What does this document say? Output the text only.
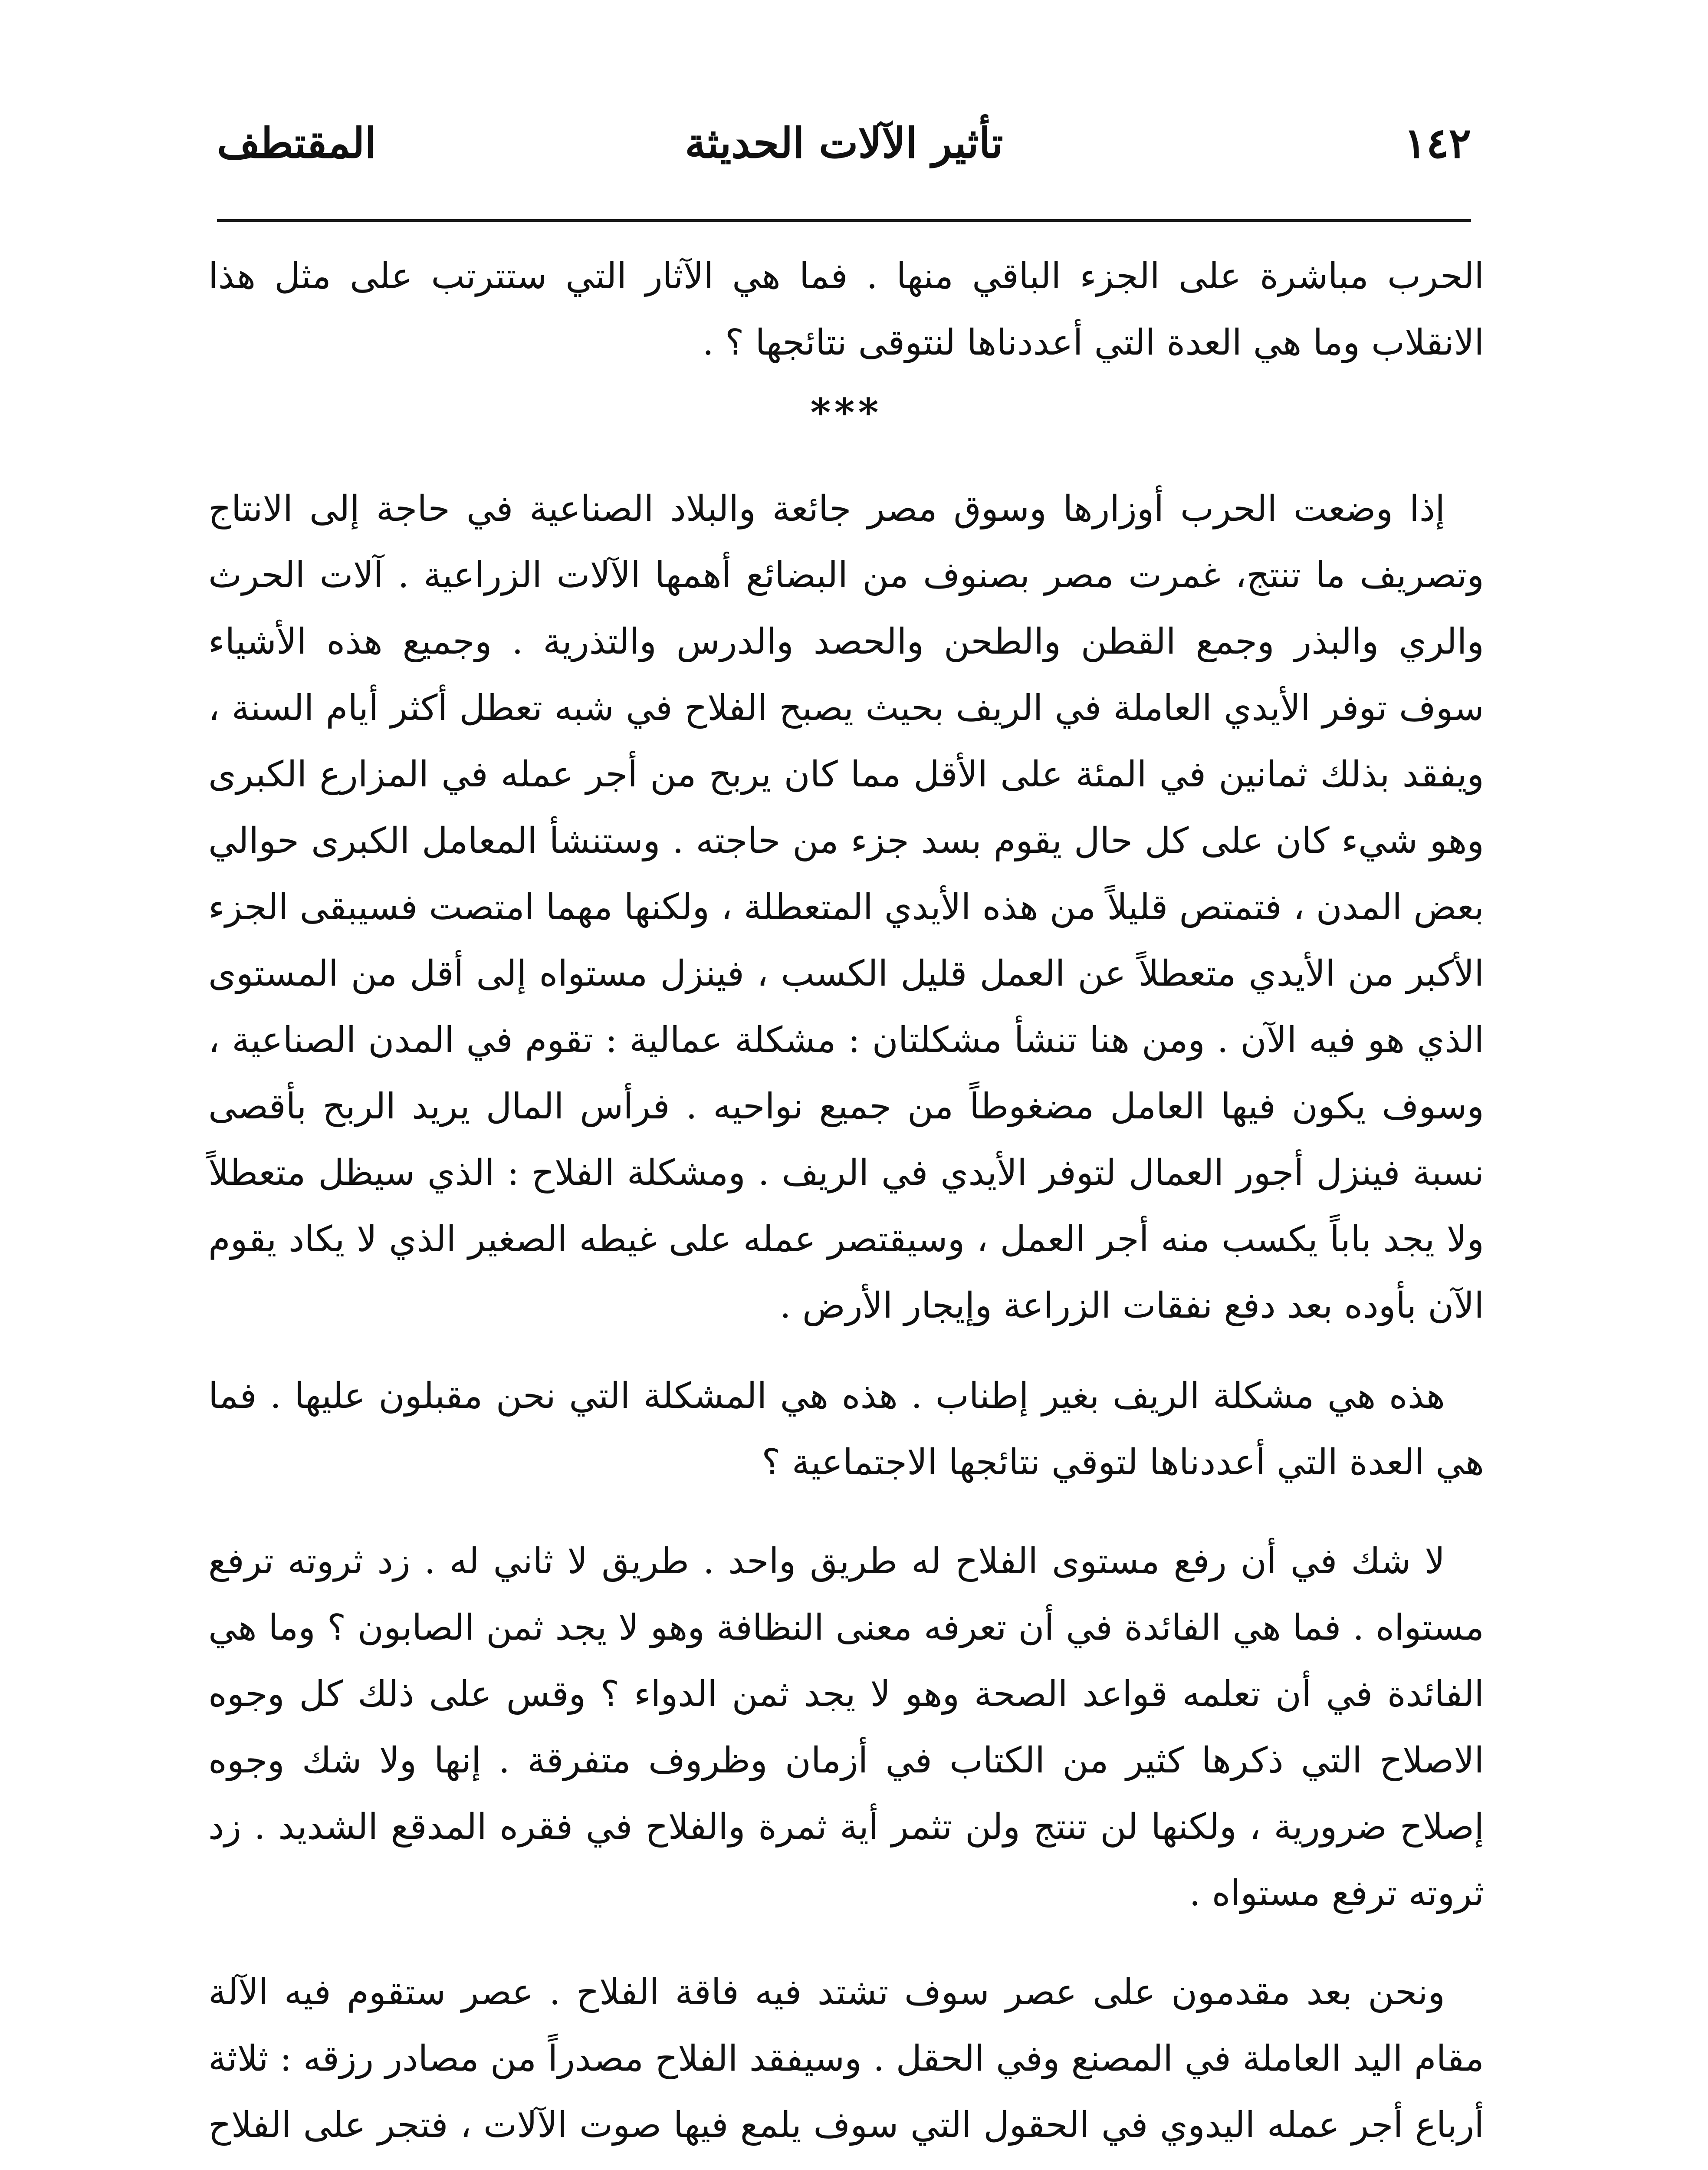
١٤٢
تأثير الآلات الحديثة
المقتطف

الحرب مباشرة على الجزء الباقي منها . فما هي الآثار التي ستترتب على مثل هذا الانقلاب وما هي العدة التي أعددناها لنتوقى نتائجها ؟ .

***

إذا وضعت الحرب أوزارها وسوق مصر جائعة والبلاد الصناعية في حاجة إلى الانتاج وتصريف ما تنتج، غمرت مصر بصنوف من البضائع أهمها الآلات الزراعية . آلات الحرث والري والبذر وجمع القطن والطحن والحصد والدرس والتذرية . وجميع هذه الأشياء سوف توفر الأيدي العاملة في الريف بحيث يصبح الفلاح في شبه تعطل أكثر أيام السنة ، ويفقد بذلك ثمانين في المئة على الأقل مما كان يربح من أجر عمله في المزارع الكبرى وهو شيء كان على كل حال يقوم بسد جزء من حاجته . وستنشأ المعامل الكبرى حوالي بعض المدن ، فتمتص قليلاً من هذه الأيدي المتعطلة ، ولكنها مهما امتصت فسيبقى الجزء الأكبر من الأيدي متعطلاً عن العمل قليل الكسب ، فينزل مستواه إلى أقل من المستوى الذي هو فيه الآن . ومن هنا تنشأ مشكلتان : مشكلة عمالية : تقوم في المدن الصناعية ، وسوف يكون فيها العامل مضغوطاً من جميع نواحيه . فرأس المال يريد الربح بأقصى نسبة فينزل أجور العمال لتوفر الأيدي في الريف . ومشكلة الفلاح : الذي سيظل متعطلاً ولا يجد باباً يكسب منه أجر العمل ، وسيقتصر عمله على غيطه الصغير الذي لا يكاد يقوم الآن بأوده بعد دفع نفقات الزراعة وإيجار الأرض .

هذه هي مشكلة الريف بغير إطناب . هذه هي المشكلة التي نحن مقبلون عليها . فما هي العدة التي أعددناها لتوقي نتائجها الاجتماعية ؟

لا شك في أن رفع مستوى الفلاح له طريق واحد . طريق لا ثاني له . زد ثروته ترفع مستواه . فما هي الفائدة في أن تعرفه معنى النظافة وهو لا يجد ثمن الصابون ؟ وما هي الفائدة في أن تعلمه قواعد الصحة وهو لا يجد ثمن الدواء ؟ وقس على ذلك كل وجوه الاصلاح التي ذكرها كثير من الكتاب في أزمان وظروف متفرقة . إنها ولا شك وجوه إصلاح ضرورية ، ولكنها لن تنتج ولن تثمر أية ثمرة والفلاح في فقره المدقع الشديد . زد ثروته ترفع مستواه .

ونحن بعد مقدمون على عصر سوف تشتد فيه فاقة الفلاح . عصر ستقوم فيه الآلة مقام اليد العاملة في المصنع وفي الحقل . وسيفقد الفلاح مصدراً من مصادر رزقه : ثلاثة أرباع أجر عمله اليدوي في الحقول التي سوف يلمع فيها صوت الآلات ، فتجر على الفلاح
